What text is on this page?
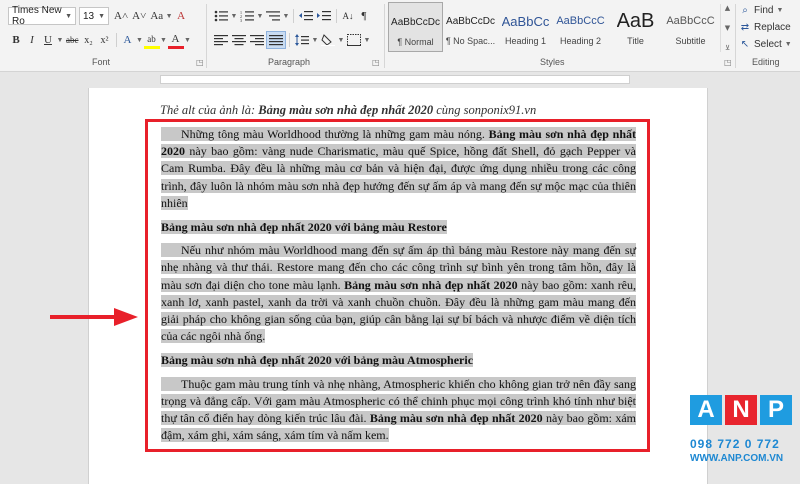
Times New Ro	▼ 13 ▼ A˄ A˅ Aa ▼ A
B I U ▼ abc x₂ x²	A ▼ ab ▼ A ▼
Font	◳
▼ 1
2
3
▼	▼	A↓ ¶
▼	▼	▼
Paragraph	◳
AaBbCcDc
¶ Normal
AaBbCcDc
¶ No Spac...
AaBbCc
Heading 1
AaBbCcC
Heading 2
AaB
Title
AaBbCcC
Subtitle
▲
▼
⊻
Styles	◳
⌕ Find ▼
⇄ Replace
↖ Select ▼
Editing
Thẻ alt của ảnh là: Bảng màu sơn nhà đẹp nhất 2020 cùng sonponix91.vn

Những tông màu Worldhood thường là những gam màu nóng. Bảng màu sơn nhà đẹp nhất 2020 này bao gồm: vàng nude Charismatic, màu quế Spice, hồng đất Shell, đỏ gạch Pepper và Cam Rumba. Đây đều là những màu cơ bản và hiện đại, được ứng dụng nhiều trong các công trình, đây luôn là nhóm màu sơn nhà đẹp hướng đến sự ấm áp và mang đến sự mộc mạc của thiên nhiên

Bảng màu sơn nhà đẹp nhất 2020 với bảng màu Restore

Nếu như nhóm màu Worldhood mang đến sự ấm áp thì bảng màu Restore này mang đến sự nhẹ nhàng và thư thái. Restore mang đến cho các công trình sự bình yên trong tâm hồn, đây là màu sơn đại diện cho tone màu lạnh. Bảng màu sơn nhà đẹp nhất 2020 này bao gồm: xanh rêu, xanh lơ, xanh pastel, xanh da trời và xanh chuồn chuồn. Đây đều là những gam màu mang đến giải pháp cho không gian sống của bạn, giúp cân bằng lại sự bí bách và nhược điểm về diện tích của các ngôi nhà ống.

Bảng màu sơn nhà đẹp nhất 2020 với bảng màu Atmospheric

Thuộc gam màu trung tính và nhẹ nhàng, Atmospheric khiến cho không gian trở nên đầy sang trọng và đẳng cấp. Với gam màu Atmospheric có thể chinh phục mọi công trình khó tính như biệt thự tân cổ điển hay dòng kiến trúc lâu đài. Bảng màu sơn nhà đẹp nhất 2020 này bao gồm: xám đậm, xám ghi, xám sáng, xám tím và nấm kem.

A N P
098 772 0 772
WWW.ANP.COM.VN
